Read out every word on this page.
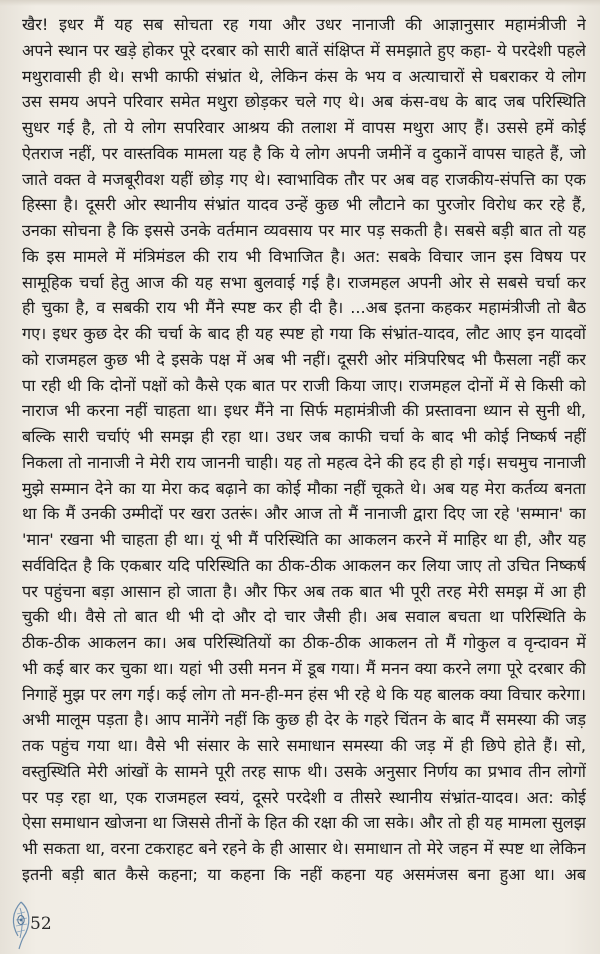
खैर! इधर मैं यह सब सोचता रह गया और उधर नानाजी की आज्ञानुसार महामंत्रीजी ने
अपने स्थान पर खड़े होकर पूरे दरबार को सारी बातें संक्षिप्त में समझाते हुए कहा- ये परदेशी पहले
मथुरावासी ही थे। सभी काफी संभ्रांत थे, लेकिन कंस के भय व अत्याचारों से घबराकर ये लोग
उस समय अपने परिवार समेत मथुरा छोड़कर चले गए थे। अब कंस-वध के बाद जब परिस्थिति
सुधर गई है, तो ये लोग सपरिवार आश्रय की तलाश में वापस मथुरा आए हैं। उससे हमें कोई
ऐतराज नहीं, पर वास्तविक मामला यह है कि ये लोग अपनी जमीनें व दुकानें वापस चाहते हैं, जो
जाते वक्त वे मजबूरीवश यहीं छोड़ गए थे। स्वाभाविक तौर पर अब वह राजकीय-संपत्ति का एक
हिस्सा है। दूसरी ओर स्थानीय संभ्रांत यादव उन्हें कुछ भी लौटाने का पुरजोर विरोध कर रहे हैं,
उनका सोचना है कि इससे उनके वर्तमान व्यवसाय पर मार पड़ सकती है। सबसे बड़ी बात तो यह
कि इस मामले में मंत्रिमंडल की राय भी विभाजित है। अत: सबके विचार जान इस विषय पर
सामूहिक चर्चा हेतु आज की यह सभा बुलवाई गई है। राजमहल अपनी ओर से सबसे चर्चा कर
ही चुका है, व सबकी राय भी मैंने स्पष्ट कर ही दी है। ...अब इतना कहकर महामंत्रीजी तो बैठ
गए। इधर कुछ देर की चर्चा के बाद ही यह स्पष्ट हो गया कि संभ्रांत-यादव, लौट आए इन यादवों
को राजमहल कुछ भी दे इसके पक्ष में अब भी नहीं। दूसरी ओर मंत्रिपरिषद भी फैसला नहीं कर
पा रही थी कि दोनों पक्षों को कैसे एक बात पर राजी किया जाए। राजमहल दोनों में से किसी को
नाराज भी करना नहीं चाहता था। इधर मैंने ना सिर्फ महामंत्रीजी की प्रस्तावना ध्यान से सुनी थी,
बल्कि सारी चर्चाएं भी समझ ही रहा था। उधर जब काफी चर्चा के बाद भी कोई निष्कर्ष नहीं
निकला तो नानाजी ने मेरी राय जाननी चाही। यह तो महत्व देने की हद ही हो गई। सचमुच नानाजी
मुझे सम्मान देने का या मेरा कद बढ़ाने का कोई मौका नहीं चूकते थे। अब यह मेरा कर्तव्य बनता
था कि मैं उनकी उम्मीदों पर खरा उतरूं। और आज तो मैं नानाजी द्वारा दिए जा रहे 'सम्मान' का
'मान' रखना भी चाहता ही था। यूं भी मैं परिस्थिति का आकलन करने में माहिर था ही, और यह
सर्वविदित है कि एकबार यदि परिस्थिति का ठीक-ठीक आकलन कर लिया जाए तो उचित निष्कर्ष
पर पहुंचना बड़ा आसान हो जाता है। और फिर अब तक बात भी पूरी तरह मेरी समझ में आ ही
चुकी थी। वैसे तो बात थी भी दो और दो चार जैसी ही। अब सवाल बचता था परिस्थिति के
ठीक-ठीक आकलन का। अब परिस्थितियों का ठीक-ठीक आकलन तो मैं गोकुल व वृन्दावन में
भी कई बार कर चुका था। यहां भी उसी मनन में डूब गया। मैं मनन क्या करने लगा पूरे दरबार की
निगाहें मुझ पर लग गई। कई लोग तो मन-ही-मन हंस भी रहे थे कि यह बालक क्या विचार करेगा।
अभी मालूम पड़ता है। आप मानेंगे नहीं कि कुछ ही देर के गहरे चिंतन के बाद मैं समस्या की जड़
तक पहुंच गया था। वैसे भी संसार के सारे समाधान समस्या की जड़ में ही छिपे होते हैं। सो,
वस्तुस्थिति मेरी आंखों के सामने पूरी तरह साफ थी। उसके अनुसार निर्णय का प्रभाव तीन लोगों
पर पड़ रहा था, एक राजमहल स्वयं, दूसरे परदेशी व तीसरे स्थानीय संभ्रांत-यादव। अत: कोई
ऐसा समाधान खोजना था जिससे तीनों के हित की रक्षा की जा सके। और तो ही यह मामला सुलझ
भी सकता था, वरना टकराहट बने रहने के ही आसार थे। समाधान तो मेरे जहन में स्पष्ट था लेकिन
इतनी बड़ी बात कैसे कहना; या कहना कि नहीं कहना यह असमंजस बना हुआ था। अब
52
